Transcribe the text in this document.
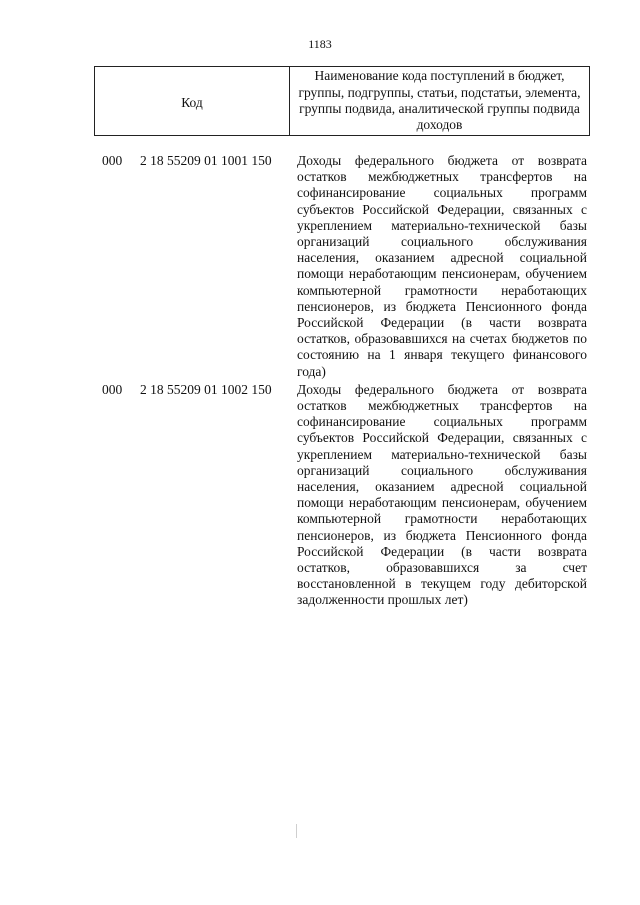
1183
Код
Наименование кода поступлений в бюджет, группы, подгруппы, статьи, подстатьи, элемента, группы подвида, аналитической группы подвида доходов
000 2 18 55209 01 1001 150 Доходы федерального бюджета от возврата остатков межбюджетных трансфертов на софинансирование социальных программ субъектов Российской Федерации, связанных с укреплением материально-технической базы организаций социального обслуживания населения, оказанием адресной социальной помощи неработающим пенсионерам, обучением компьютерной грамотности неработающих пенсионеров, из бюджета Пенсионного фонда Российской Федерации (в части возврата остатков, образовавшихся на счетах бюджетов по состоянию на 1 января текущего финансового года)
000 2 18 55209 01 1002 150 Доходы федерального бюджета от возврата остатков межбюджетных трансфертов на софинансирование социальных программ субъектов Российской Федерации, связанных с укреплением материально-технической базы организаций социального обслуживания населения, оказанием адресной социальной помощи неработающим пенсионерам, обучением компьютерной грамотности неработающих пенсионеров, из бюджета Пенсионного фонда Российской Федерации (в части возврата остатков, образовавшихся за счет восстановленной в текущем году дебиторской задолженности прошлых лет)
